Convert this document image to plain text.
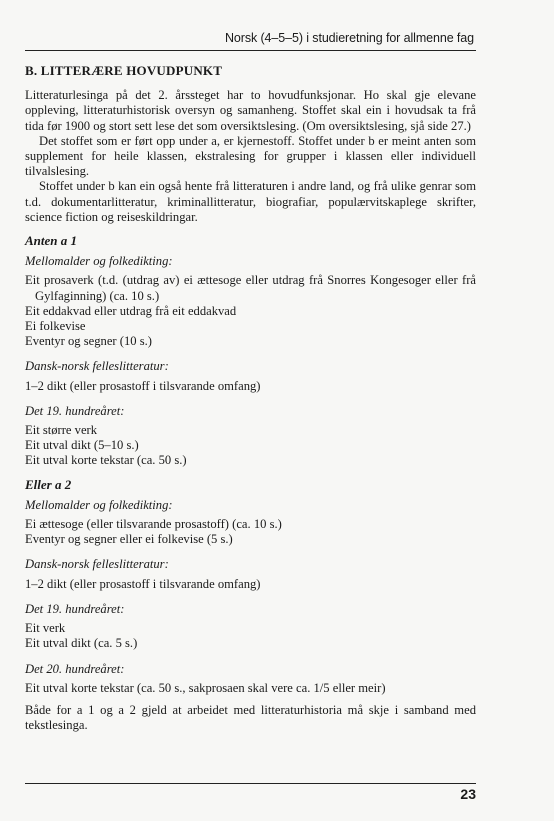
Norsk (4–5–5) i studieretning for allmenne fag
B. LITTERÆRE HOVUDPUNKT

Litteraturlesinga på det 2. årssteget har to hovudfunksjonar. Ho skal gje elevane oppleving, litteraturhistorisk oversyn og samanheng. Stoffet skal ein i hovudsak ta frå tida før 1900 og stort sett lese det som oversiktslesing. (Om oversiktslesing, sjå side 27.)

Det stoffet som er ført opp under a, er kjernestoff. Stoffet under b er meint anten som supplement for heile klassen, ekstralesing for grupper i klassen eller individuell tilvalslesing.

Stoffet under b kan ein også hente frå litteraturen i andre land, og frå ulike genrar som t.d. dokumentarlitteratur, kriminallitteratur, biografiar, populærvitskaplege skrifter, science fiction og reiseskildringar.

Anten a 1
Mellomalder og folkedikting:

Eit prosaverk (t.d. (utdrag av) ei ættesoge eller utdrag frå Snorres Kongesoger eller frå Gylfaginning) (ca. 10 s.)

Eit eddakvad eller utdrag frå eit eddakvad

Ei folkevise

Eventyr og segner (10 s.)

Dansk-norsk felleslitteratur:

1–2 dikt (eller prosastoff i tilsvarande omfang)

Det 19. hundreåret:

Eit større verk

Eit utval dikt (5–10 s.)

Eit utval korte tekstar (ca. 50 s.)

Eller a 2
Mellomalder og folkedikting:

Ei ættesoge (eller tilsvarande prosastoff) (ca. 10 s.)

Eventyr og segner eller ei folkevise (5 s.)

Dansk-norsk felleslitteratur:

1–2 dikt (eller prosastoff i tilsvarande omfang)

Det 19. hundreåret:

Eit verk

Eit utval dikt (ca. 5 s.)

Det 20. hundreåret:

Eit utval korte tekstar (ca. 50 s., sakprosaen skal vere ca. 1/5 eller meir)

Både for a 1 og a 2 gjeld at arbeidet med litteraturhistoria må skje i samband med tekstlesinga.

23
